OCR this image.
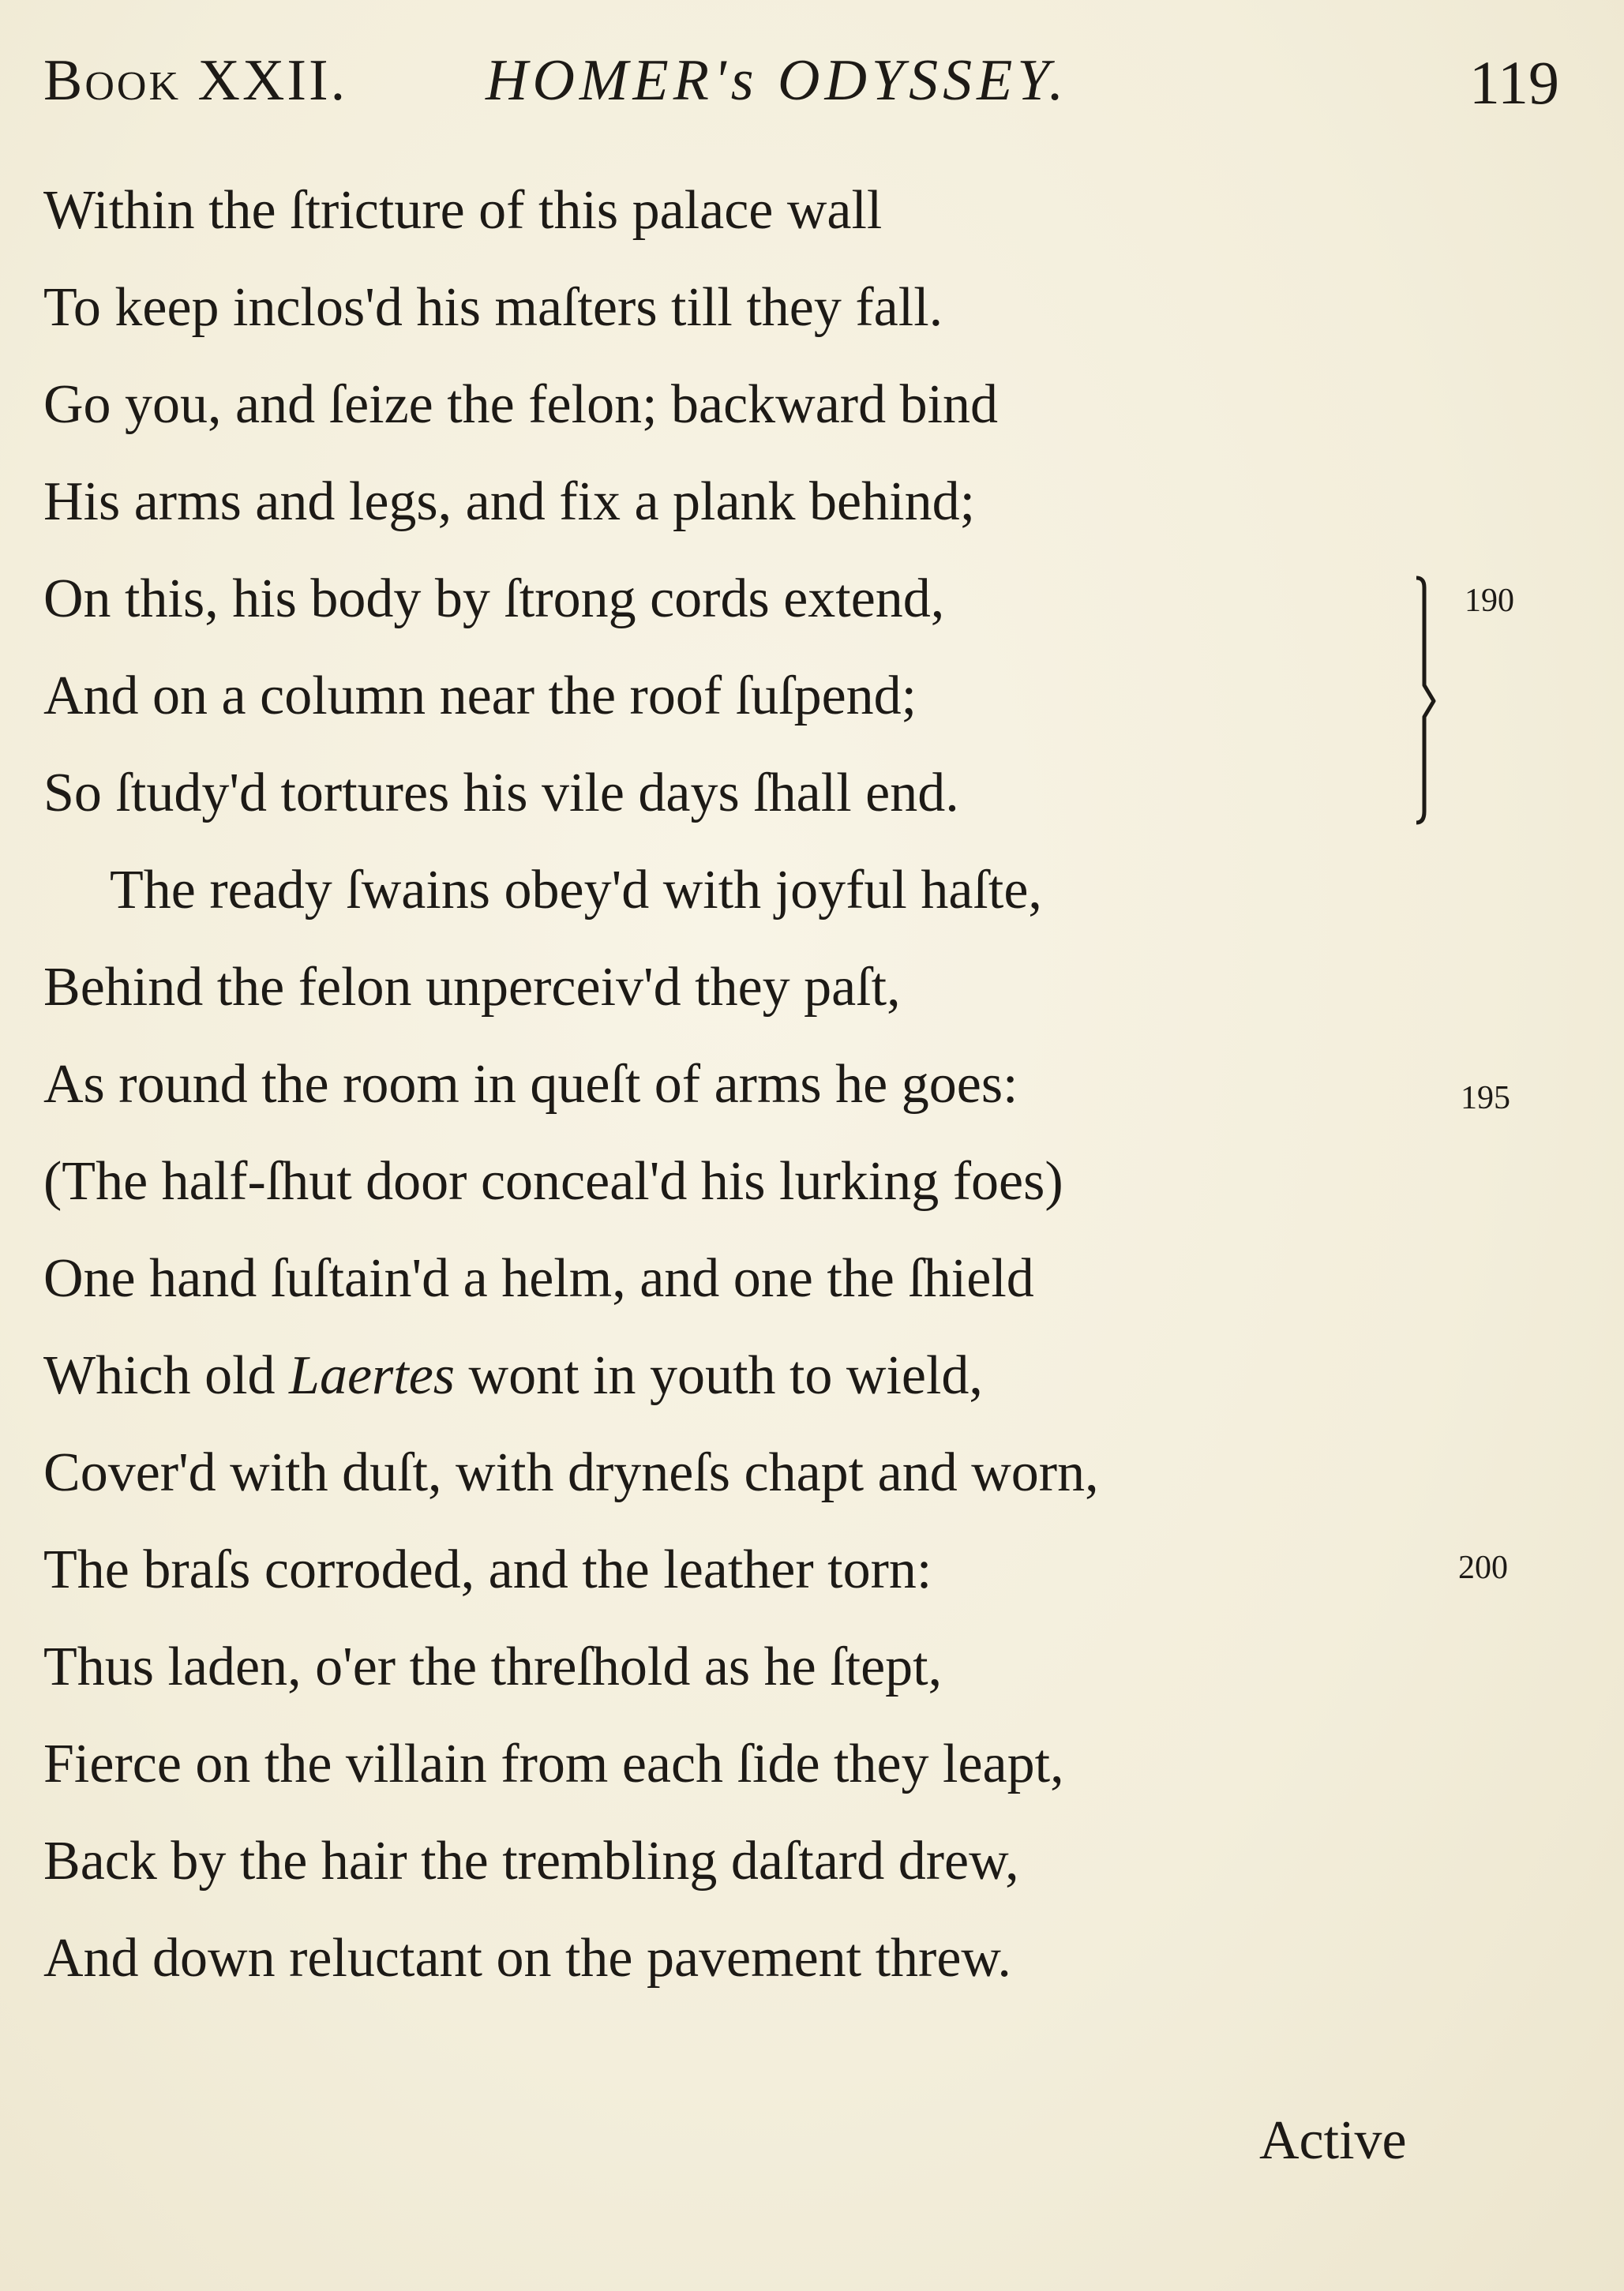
Book XXII. HOMER's ODYSSEY.	119
Within the ſtricture of this palace wall
To keep inclos'd his maſters till they fall.
Go you, and ſeize the felon; backward bind
His arms and legs, and fix a plank behind;
On this, his body by ſtrong cords extend,
And on a column near the roof ſuſpend;
So ſtudy'd tortures his vile days ſhall end.
The ready ſwains obey'd with joyful haſte,
Behind the felon unperceiv'd they paſt,
As round the room in queſt of arms he goes:
(The half-ſhut door conceal'd his lurking foes)
One hand ſuſtain'd a helm, and one the ſhield
Which old Laertes wont in youth to wield,
Cover'd with duſt, with dryneſs chapt and worn,
The braſs corroded, and the leather torn:
Thus laden, o'er the threſhold as he ſtept,
Fierce on the villain from each ſide they leapt,
Back by the hair the trembling daſtard drew,
And down reluctant on the pavement threw.
190
195
200
Active
